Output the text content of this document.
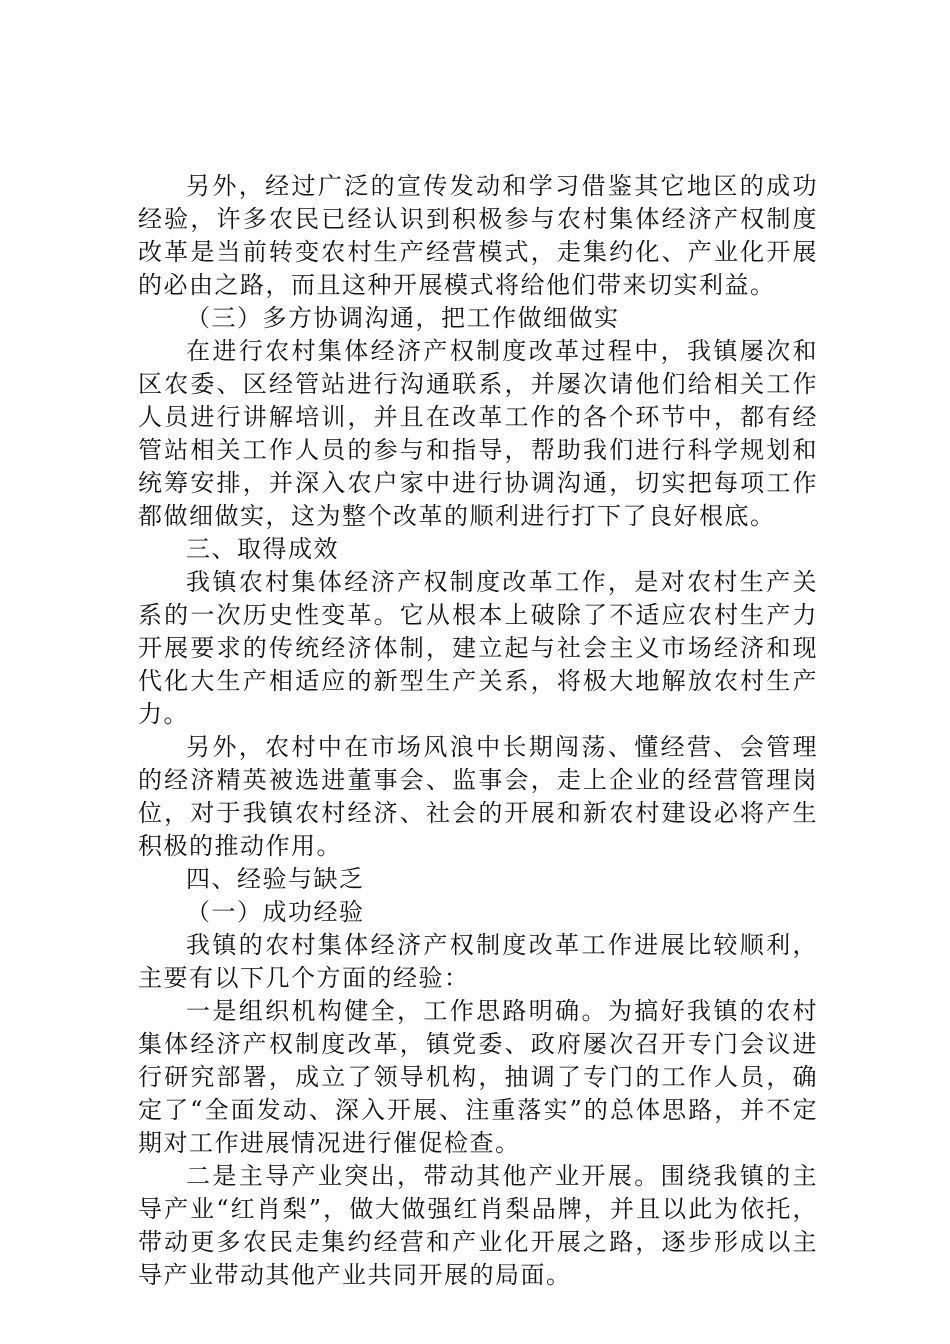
另外，经过广泛的宣传发动和学习借鉴其它地区的成功经验，许多农民已经认识到积极参与农村集体经济产权制度改革是当前转变农村生产经营模式，走集约化、产业化开展的必由之路，而且这种开展模式将给他们带来切实利益。

（三）多方协调沟通，把工作做细做实

在进行农村集体经济产权制度改革过程中，我镇屡次和区农委、区经管站进行沟通联系，并屡次请他们给相关工作人员进行讲解培训，并且在改革工作的各个环节中，都有经管站相关工作人员的参与和指导，帮助我们进行科学规划和统筹安排，并深入农户家中进行协调沟通，切实把每项工作都做细做实，这为整个改革的顺利进行打下了良好根底。

三、取得成效

我镇农村集体经济产权制度改革工作，是对农村生产关系的一次历史性变革。它从根本上破除了不适应农村生产力开展要求的传统经济体制，建立起与社会主义市场经济和现代化大生产相适应的新型生产关系，将极大地解放农村生产力。

另外，农村中在市场风浪中长期闯荡、懂经营、会管理的经济精英被选进董事会、监事会，走上企业的经营管理岗位，对于我镇农村经济、社会的开展和新农村建设必将产生积极的推动作用。

四、经验与缺乏

（一）成功经验

我镇的农村集体经济产权制度改革工作进展比较顺利，主要有以下几个方面的经验：

一是组织机构健全，工作思路明确。为搞好我镇的农村集体经济产权制度改革，镇党委、政府屡次召开专门会议进行研究部署，成立了领导机构，抽调了专门的工作人员，确定了“全面发动、深入开展、注重落实”的总体思路，并不定期对工作进展情况进行催促检查。

二是主导产业突出，带动其他产业开展。围绕我镇的主导产业“红肖梨”，做大做强红肖梨品牌，并且以此为依托，带动更多农民走集约经营和产业化开展之路，逐步形成以主导产业带动其他产业共同开展的局面。
